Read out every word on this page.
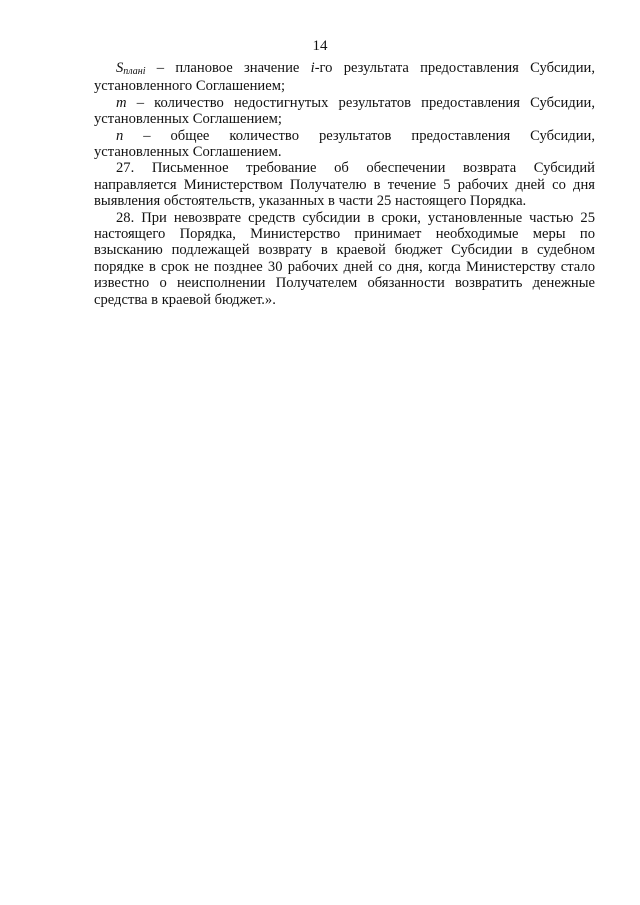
14

Sплані – плановое значение i-го результата предоставления Субсидии, установленного Соглашением;

m – количество недостигнутых результатов предоставления Субсидии, установленных Соглашением;

n – общее количество результатов предоставления Субсидии, установленных Соглашением.

27. Письменное требование об обеспечении возврата Субсидий направляется Министерством Получателю в течение 5 рабочих дней со дня выявления обстоятельств, указанных в части 25 настоящего Порядка.

28. При невозврате средств субсидии в сроки, установленные частью 25 настоящего Порядка, Министерство принимает необходимые меры по взысканию подлежащей возврату в краевой бюджет Субсидии в судебном порядке в срок не позднее 30 рабочих дней со дня, когда Министерству стало известно о неисполнении Получателем обязанности возвратить денежные средства в краевой бюджет.».
